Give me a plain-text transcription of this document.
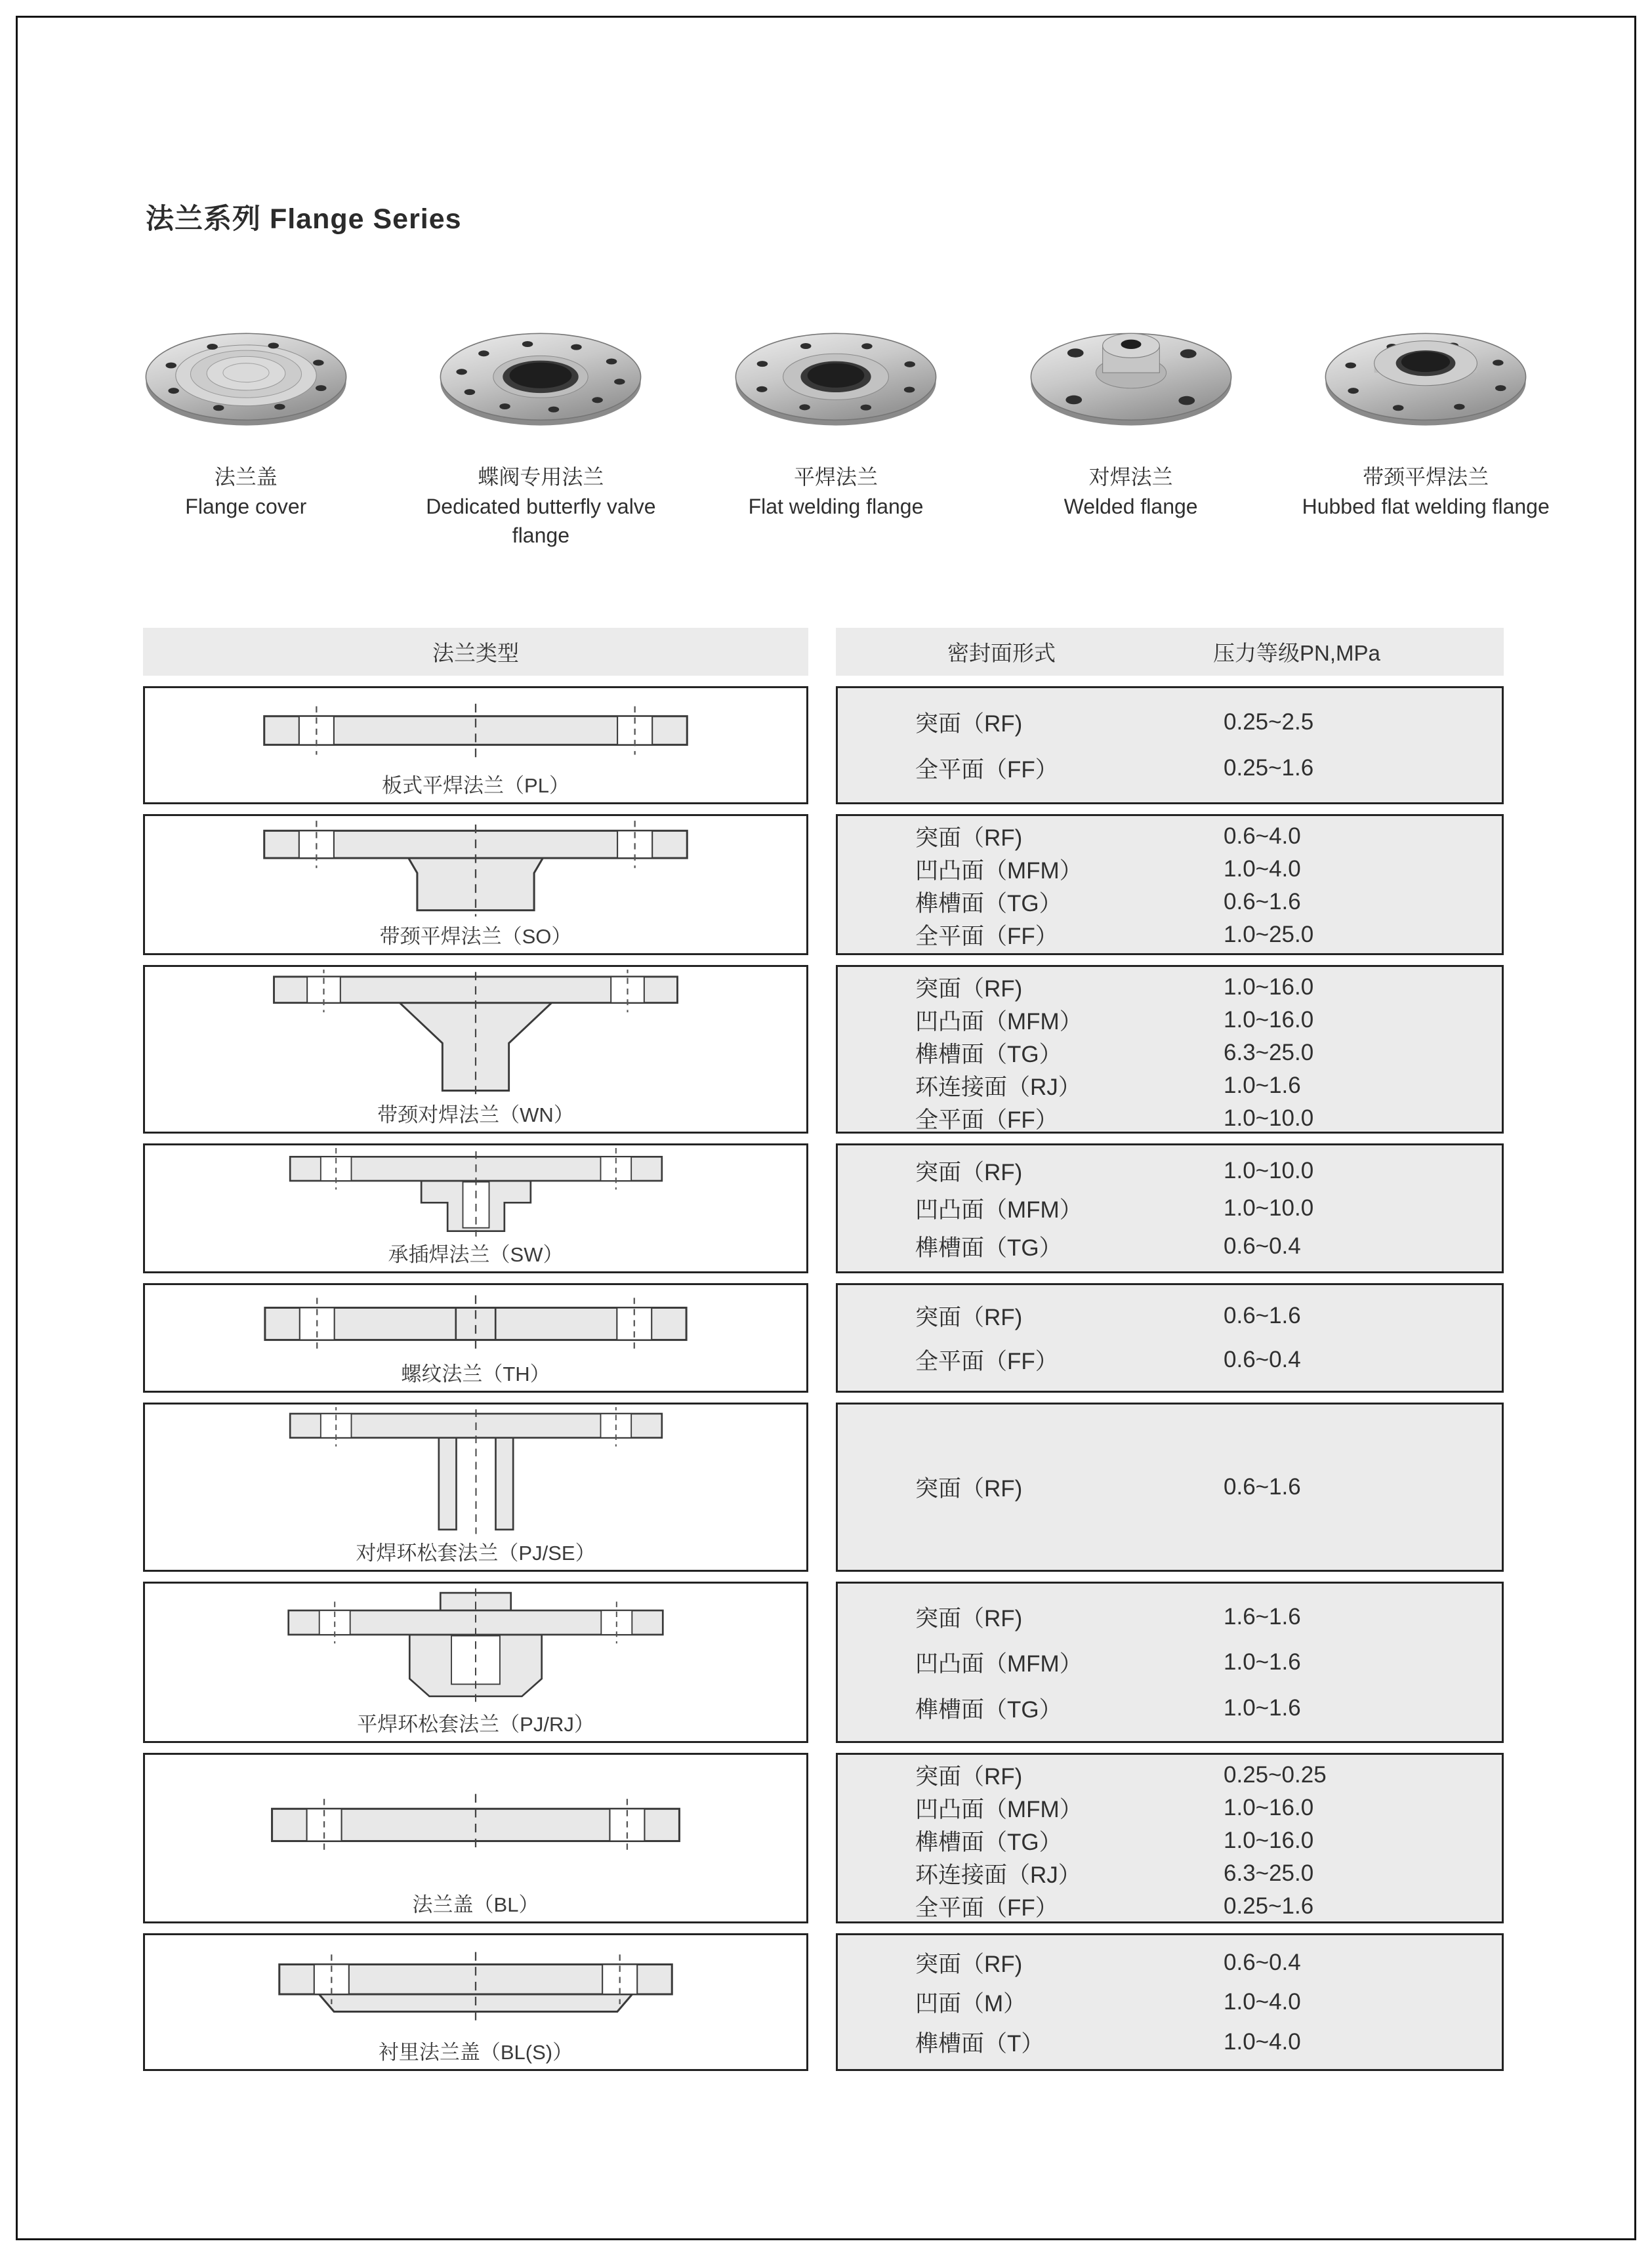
法兰系列 Flange Series
法兰盖
Flange cover
蝶阀专用法兰
Dedicated butterfly valve flange
平焊法兰
Flat welding flange
对焊法兰
Welded flange
带颈平焊法兰
Hubbed flat welding flange
法兰类型	密封面形式	压力等级PN,MPa
板式平焊法兰（PL）
突面（RF)	0.25~2.5
全平面（FF）	0.25~1.6
带颈平焊法兰（SO）
突面（RF)	0.6~4.0
凹凸面（MFM）	1.0~4.0
榫槽面（TG）	0.6~1.6
全平面（FF）	1.0~25.0
带颈对焊法兰（WN）
突面（RF)	1.0~16.0
凹凸面（MFM）	1.0~16.0
榫槽面（TG）	6.3~25.0
环连接面（RJ）	1.0~1.6
全平面（FF）	1.0~10.0
承插焊法兰（SW）
突面（RF)	1.0~10.0
凹凸面（MFM）	1.0~10.0
榫槽面（TG）	0.6~0.4
螺纹法兰（TH）
突面（RF)	0.6~1.6
全平面（FF）	0.6~0.4
对焊环松套法兰（PJ/SE）
突面（RF)	0.6~1.6
平焊环松套法兰（PJ/RJ）
突面（RF)	1.6~1.6
凹凸面（MFM）	1.0~1.6
榫槽面（TG）	1.0~1.6
法兰盖（BL）
突面（RF)	0.25~0.25
凹凸面（MFM）	1.0~16.0
榫槽面（TG）	1.0~16.0
环连接面（RJ）	6.3~25.0
全平面（FF）	0.25~1.6
衬里法兰盖（BL(S)）
突面（RF)	0.6~0.4
凹面（M）	1.0~4.0
榫槽面（T）	1.0~4.0
